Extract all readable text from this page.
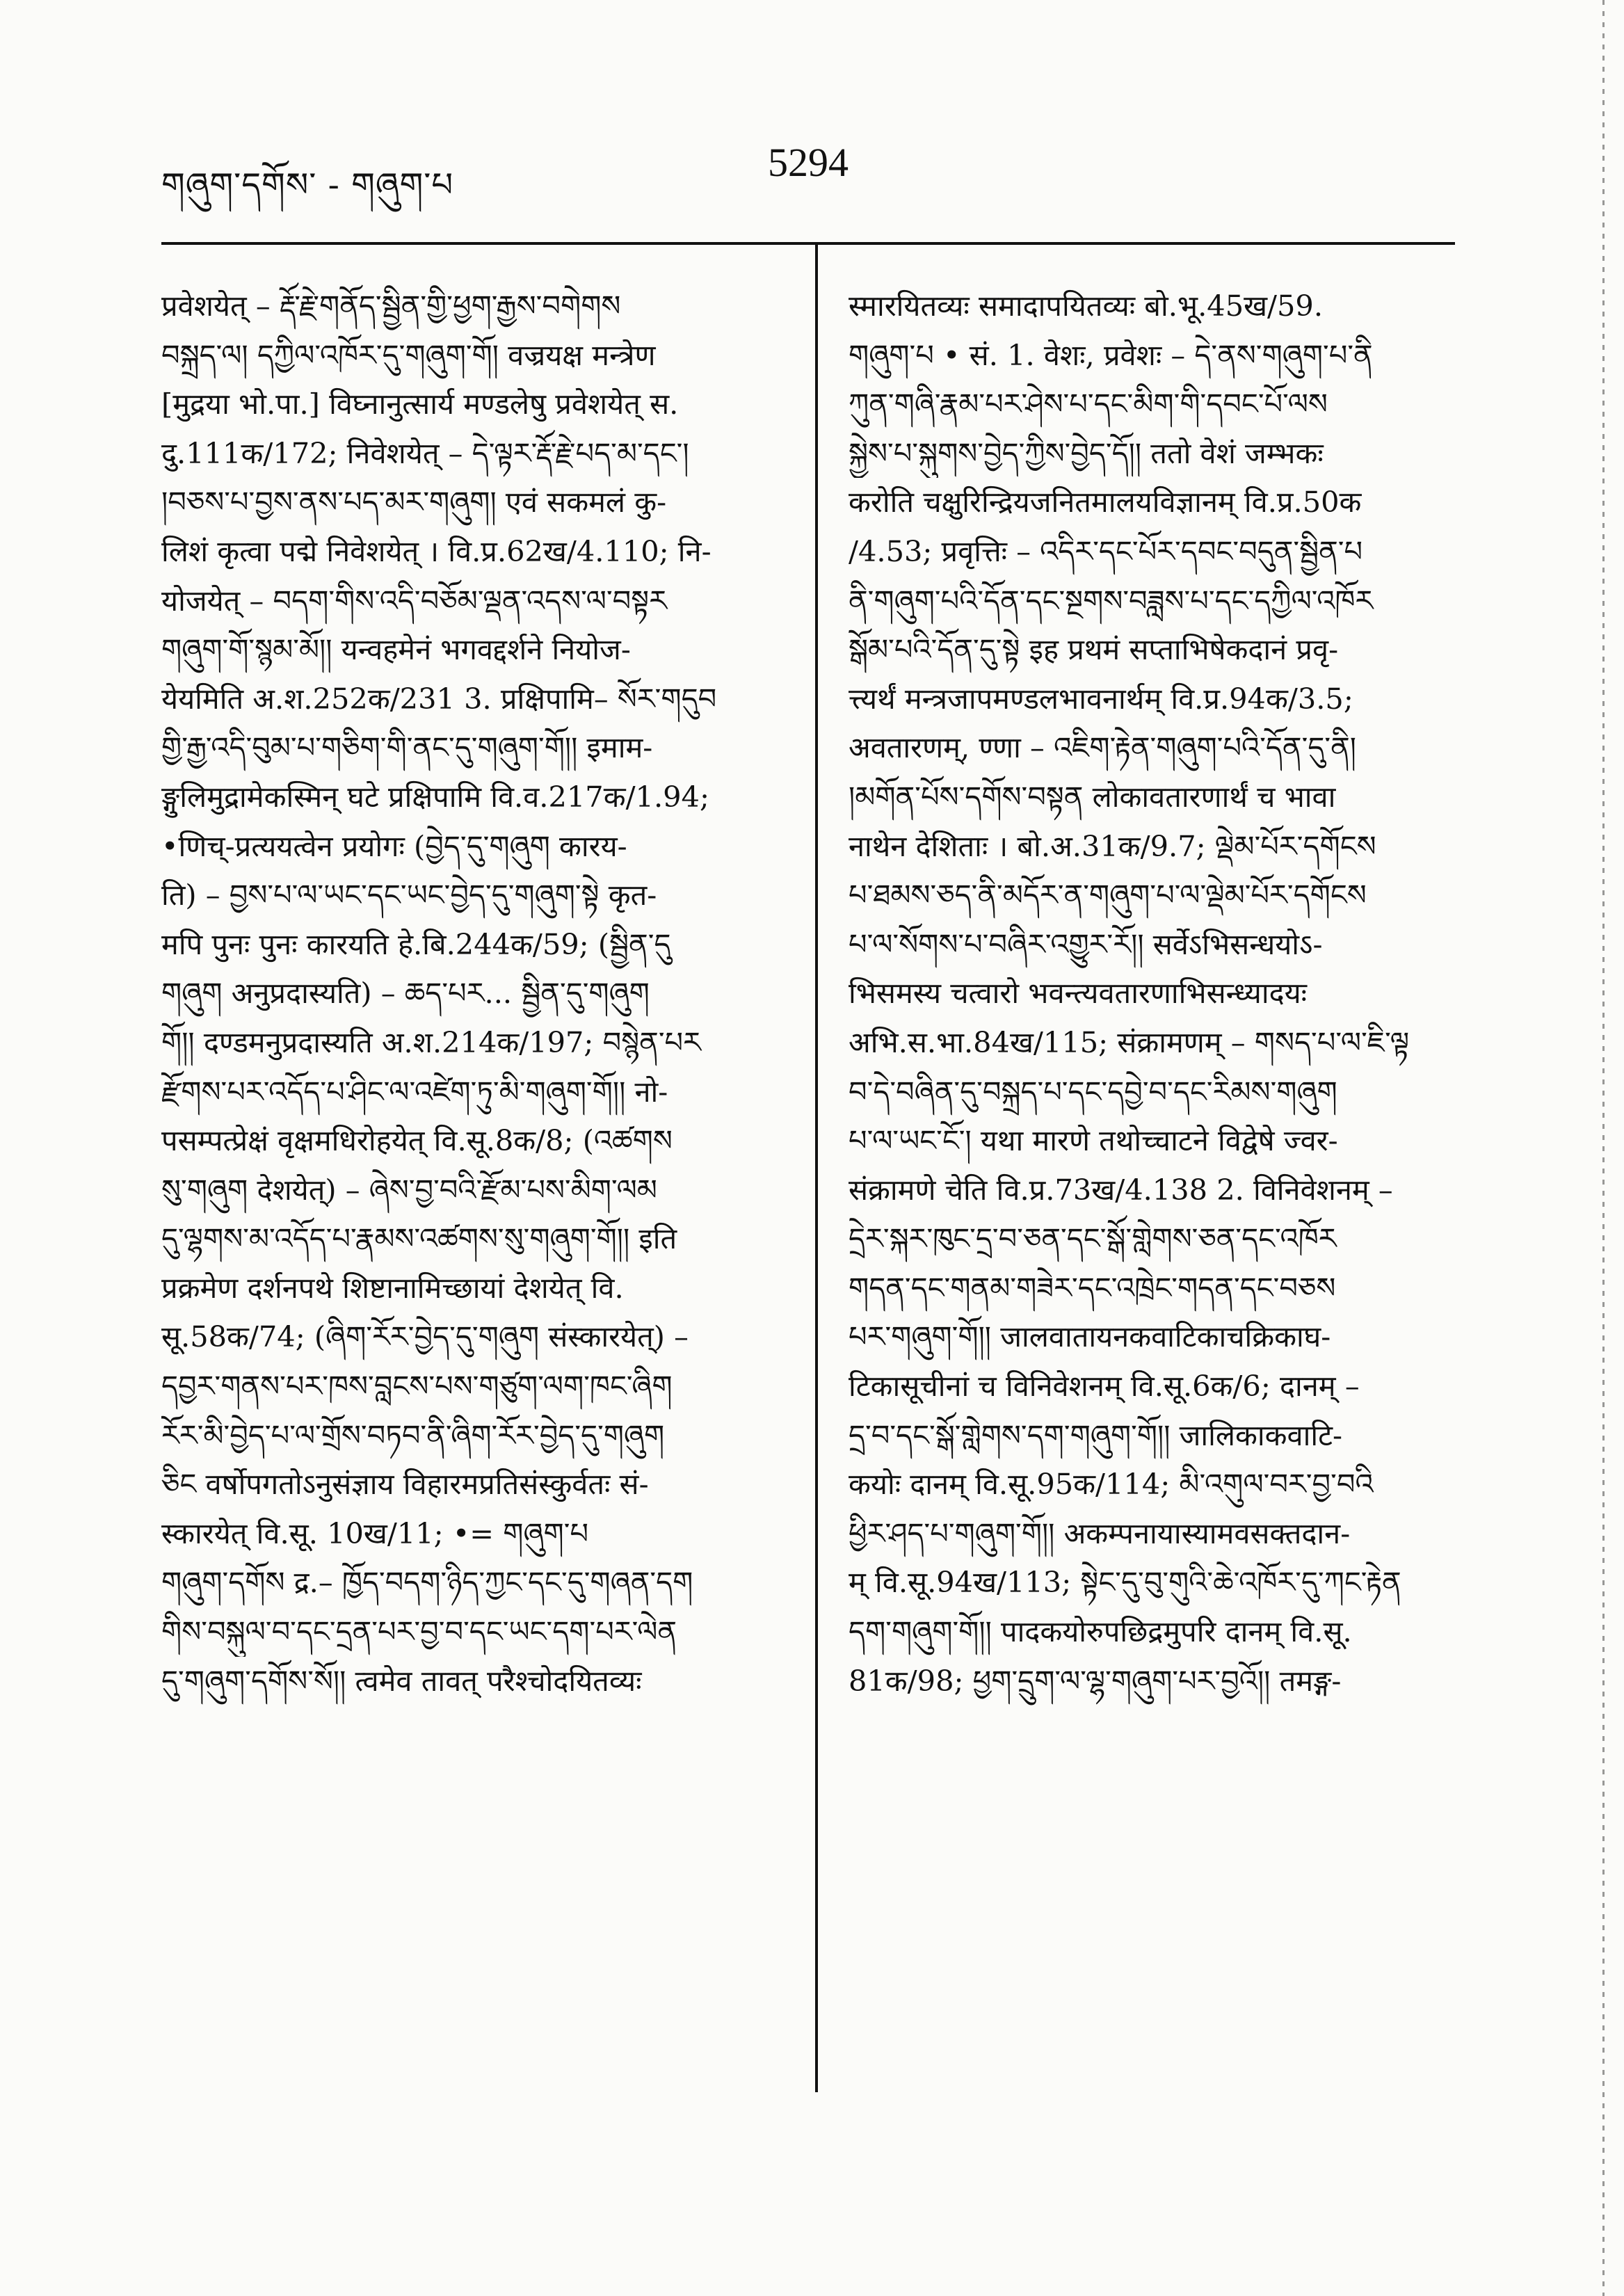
གཞུག་དགོས་ - གཞུག་པ	5294
प्रवेशयेत् – རྡོ་རྗེ་གནོད་སྦྱིན་གྱི་ཕྱག་རྒྱས་བགེགས
བསྐྲད་ལ། དཀྱིལ་འཁོར་དུ་གཞུག་གོ། वज्रयक्ष मन्त्रेण
[मुद्रया भो.पा.] विघ्नानुत्सार्य मण्डलेषु प्रवेशयेत् स.
दु.111क/172; निवेशयेत् – དེ་ལྟར་རྡོ་རྗེ་པད་མ་དང་།
།བཅས་པ་བྱས་ནས་པད་མར་གཞུག། एवं सकमलं कु-
लिशं कृत्वा पद्मे निवेशयेत् । वि.प्र.62ख/4.110; नि-
योजयेत् – བདག་གིས་འདི་བཅོམ་ལྡན་འདས་ལ་བསྟར
གཞུག་གོ་སྙམ་མོ།། यन्वहमेनं भगवद्दर्शने नियोज-
येयमिति अ.श.252क/231 3. प्रक्षिपामि– སོར་གདུབ
གྱི་རྒྱ་འདི་བུམ་པ་གཅིག་གི་ནང་དུ་གཞུག་གོ།། इमाम-
ङ्गुलिमुद्रामेकस्मिन् घटे प्रक्षिपामि वि.व.217क/1.94;
•णिच्-प्रत्ययत्वेन प्रयोगः (བྱེད་དུ་གཞུག कारय-
ति) – བྱས་པ་ལ་ཡང་དང་ཡང་བྱེད་དུ་གཞུག་སྟེ कृत-
मपि पुनः पुनः कारयति हे.बि.244क/59; (སྦྱིན་དུ
གཞུག अनुप्रदास्यति) – ཆད་པར... སྦྱིན་དུ་གཞུག
གོ།། दण्डमनुप्रदास्यति अ.श.214क/197; བསྙེན་པར
རྫོགས་པར་འདོད་པ་ཤིང་ལ་འཛེག་ཏུ་མི་གཞུག་གོ།། नो-
पसम्पत्प्रेक्षं वृक्षमधिरोहयेत् वि.सू.8क/8; (འཚགས
སུ་གཞུག देशयेत्) – ཞེས་བྱ་བའི་རྫོམ་པས་མིག་ལམ
དུ་ལྷགས་མ་འདོད་པ་རྣམས་འཚགས་སུ་གཞུག་གོ།། इति
प्रक्रमेण दर्शनपथे शिष्टानामिच्छायां देशयेत् वि.
सू.58क/74; (ཞིག་རོར་བྱེད་དུ་གཞུག संस्कारयेत्) –
དབྱར་གནས་པར་ཁས་བླངས་པས་གཙུག་ལག་ཁང་ཞིག
རོར་མི་བྱེད་པ་ལ་གྲོས་བཏབ་ནི་ཞིག་རོར་བྱེད་དུ་གཞུག
ཅིང वर्षोपगतोऽनुसंज्ञाय विहारमप्रतिसंस्कुर्वतः सं-
स्कारयेत् वि.सू. 10ख/11; •= གཞུག་པ
གཞུག་དགོས द्र.– ཁྱོད་བདག་ཉིད་ཀྱང་དང་དུ་གཞན་དག
གིས་བསྐུལ་བ་དང་དྲན་པར་བྱ་བ་དང་ཡང་དག་པར་ལེན
དུ་གཞུག་དགོས་སོ།། त्वमेव तावत् परैश्चोदयितव्यः
स्मारयितव्यः समादापयितव्यः बो.भू.45ख/59.
གཞུག་པ • सं. 1. वेशः, प्रवेशः – དེ་ནས་གཞུག་པ་ནི
ཀུན་གཞི་རྣམ་པར་ཤེས་པ་དང་མིག་གི་དབང་པོ་ལས
སྐྱེས་པ་སྐུགས་བྱེད་ཀྱིས་བྱེད་དོ།། ततो वेशं जम्भकः
करोति चक्षुरिन्द्रियजनितमालयविज्ञानम् वि.प्र.50क
/4.53; प्रवृत्तिः – འདིར་དང་པོར་དབང་བདུན་སྦྱིན་པ
ནི་གཞུག་པའི་དོན་དང་སྔགས་བཟླས་པ་དང་དཀྱིལ་འཁོར
སྒོམ་པའི་དོན་དུ་སྟེ इह प्रथमं सप्ताभिषेकदानं प्रवृ-
त्त्यर्थं मन्त्रजापमण्डलभावनार्थम् वि.प्र.94क/3.5;
अवतारणम्, ण्णा – འཇིག་རྟེན་གཞུག་པའི་དོན་དུ་ནི།
།མགོན་པོས་དགོས་བསྟན लोकावतारणार्थं च भावा
नाथेन देशिताः । बो.अ.31क/9.7; ལྡེམ་པོར་དགོངས
པ་ཐམས་ཅད་ནི་མདོར་ན་གཞུག་པ་ལ་ལྡེམ་པོར་དགོངས
པ་ལ་སོགས་པ་བཞིར་འགྱུར་རོ།། सर्वेऽभिसन्धयोऽ-
भिसमस्य चत्वारो भवन्त्यवतारणाभिसन्ध्यादयः
अभि.स.भा.84ख/115; संक्रामणम् – གསད་པ་ལ་ཇི་ལྟ
བ་དེ་བཞིན་དུ་བསྐྲད་པ་དང་དབྱེ་བ་དང་རིམས་གཞུག
པ་ལ་ཡང་ངོ་། यथा मारणे तथोच्चाटने विद्वेषे ज्वर-
संक्रामणे चेति वि.प्र.73ख/4.138 2. विनिवेशनम् –
དྲེར་སྐར་ཁུང་དྲ་བ་ཅན་དང་སྒོ་གླེགས་ཅན་དང་འཁོར
གདན་དང་གནམ་གཟེར་དང་འཁྲེང་གདན་དང་བཅས
པར་གཞུག་གོ།། जालवातायनकवाटिकाचक्रिकाघ-
टिकासूचीनां च विनिवेशनम् वि.सू.6क/6; दानम् –
དྲ་བ་དང་སྒོ་གླེགས་དག་གཞུག་གོ།། जालिकाकवाटि-
कयोः दानम् वि.सू.95क/114; མི་འགུལ་བར་བྱ་བའི
ཕྱིར་ཤད་པ་གཞུག་གོ།། अकम्पनायास्यामवसक्तदान-
म् वि.सू.94ख/113; སྟེང་དུ་བུ་གུའི་ཆེ་འཁོར་དུ་ཀང་རྟེན
དག་གཞུག་གོ།། पादकयोरुपछिद्रमुपरि दानम् वि.सू.
81क/98; ཕྱག་དྲུག་ལ་ལྷ་གཞུག་པར་བྱའོ།། तमङ्ग-
